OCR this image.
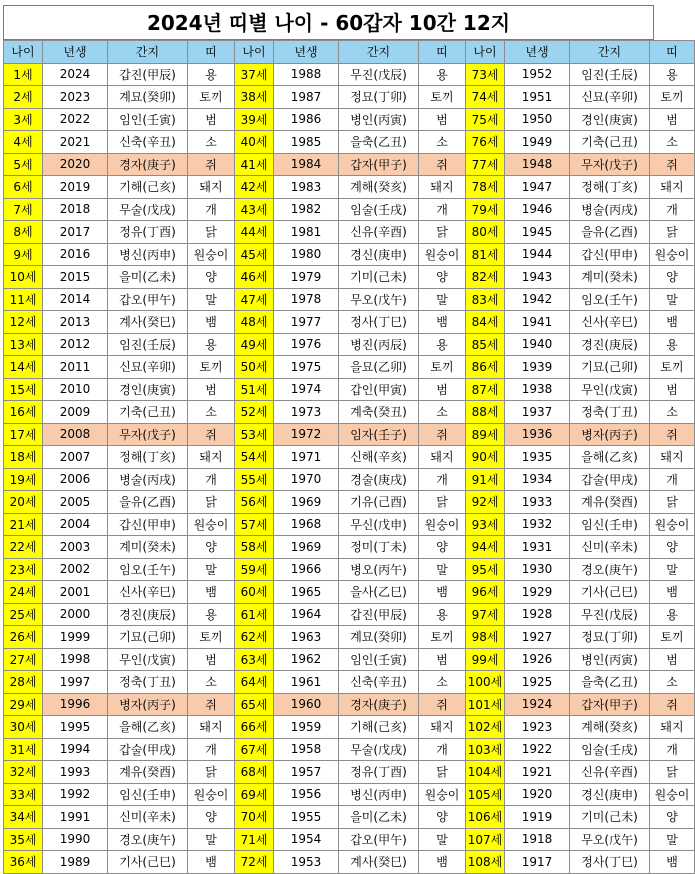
2024년 띠별 나이 - 60갑자 10간 12지
나이	년생	간지	띠	나이	년생	간지	띠	나이	년생	간지	띠
1세	2024	갑진(甲辰)	용	37세	1988	무진(戊辰)	용	73세	1952	임진(壬辰)	용
2세	2023	계묘(癸卯)	토끼	38세	1987	정묘(丁卯)	토끼	74세	1951	신묘(辛卯)	토끼
3세	2022	임인(壬寅)	범	39세	1986	병인(丙寅)	범	75세	1950	경인(庚寅)	범
4세	2021	신축(辛丑)	소	40세	1985	을축(乙丑)	소	76세	1949	기축(己丑)	소
5세	2020	경자(庚子)	쥐	41세	1984	갑자(甲子)	쥐	77세	1948	무자(戊子)	쥐
6세	2019	기해(己亥)	돼지	42세	1983	계해(癸亥)	돼지	78세	1947	정해(丁亥)	돼지
7세	2018	무술(戊戌)	개	43세	1982	임술(壬戌)	개	79세	1946	병술(丙戌)	개
8세	2017	정유(丁酉)	닭	44세	1981	신유(辛酉)	닭	80세	1945	을유(乙酉)	닭
9세	2016	병신(丙申)	원숭이	45세	1980	경신(庚申)	원숭이	81세	1944	갑신(甲申)	원숭이
10세	2015	을미(乙未)	양	46세	1979	기미(己未)	양	82세	1943	계미(癸未)	양
11세	2014	갑오(甲午)	말	47세	1978	무오(戊午)	말	83세	1942	임오(壬午)	말
12세	2013	계사(癸巳)	뱀	48세	1977	정사(丁巳)	뱀	84세	1941	신사(辛巳)	뱀
13세	2012	임진(壬辰)	용	49세	1976	병진(丙辰)	용	85세	1940	경진(庚辰)	용
14세	2011	신묘(辛卯)	토끼	50세	1975	을묘(乙卯)	토끼	86세	1939	기묘(己卯)	토끼
15세	2010	경인(庚寅)	범	51세	1974	갑인(甲寅)	범	87세	1938	무인(戊寅)	범
16세	2009	기축(己丑)	소	52세	1973	계축(癸丑)	소	88세	1937	정축(丁丑)	소
17세	2008	무자(戊子)	쥐	53세	1972	임자(壬子)	쥐	89세	1936	병자(丙子)	쥐
18세	2007	정해(丁亥)	돼지	54세	1971	신해(辛亥)	돼지	90세	1935	을해(乙亥)	돼지
19세	2006	병술(丙戌)	개	55세	1970	경술(庚戌)	개	91세	1934	갑술(甲戌)	개
20세	2005	을유(乙酉)	닭	56세	1969	기유(己酉)	닭	92세	1933	계유(癸酉)	닭
21세	2004	갑신(甲申)	원숭이	57세	1968	무신(戊申)	원숭이	93세	1932	임신(壬申)	원숭이
22세	2003	계미(癸未)	양	58세	1969	정미(丁未)	양	94세	1931	신미(辛未)	양
23세	2002	임오(壬午)	말	59세	1966	병오(丙午)	말	95세	1930	경오(庚午)	말
24세	2001	신사(辛巳)	뱀	60세	1965	을사(乙巳)	뱀	96세	1929	기사(己巳)	뱀
25세	2000	경진(庚辰)	용	61세	1964	갑진(甲辰)	용	97세	1928	무진(戊辰)	용
26세	1999	기묘(己卯)	토끼	62세	1963	계묘(癸卯)	토끼	98세	1927	정묘(丁卯)	토끼
27세	1998	무인(戊寅)	범	63세	1962	임인(壬寅)	범	99세	1926	병인(丙寅)	범
28세	1997	정축(丁丑)	소	64세	1961	신축(辛丑)	소	100세	1925	을축(乙丑)	소
29세	1996	병자(丙子)	쥐	65세	1960	경자(庚子)	쥐	101세	1924	갑자(甲子)	쥐
30세	1995	을해(乙亥)	돼지	66세	1959	기해(己亥)	돼지	102세	1923	계해(癸亥)	돼지
31세	1994	갑술(甲戌)	개	67세	1958	무술(戊戌)	개	103세	1922	임술(壬戌)	개
32세	1993	계유(癸酉)	닭	68세	1957	정유(丁酉)	닭	104세	1921	신유(辛酉)	닭
33세	1992	임신(壬申)	원숭이	69세	1956	병신(丙申)	원숭이	105세	1920	경신(庚申)	원숭이
34세	1991	신미(辛未)	양	70세	1955	을미(乙未)	양	106세	1919	기미(己未)	양
35세	1990	경오(庚午)	말	71세	1954	갑오(甲午)	말	107세	1918	무오(戊午)	말
36세	1989	기사(己巳)	뱀	72세	1953	계사(癸巳)	뱀	108세	1917	정사(丁巳)	뱀
